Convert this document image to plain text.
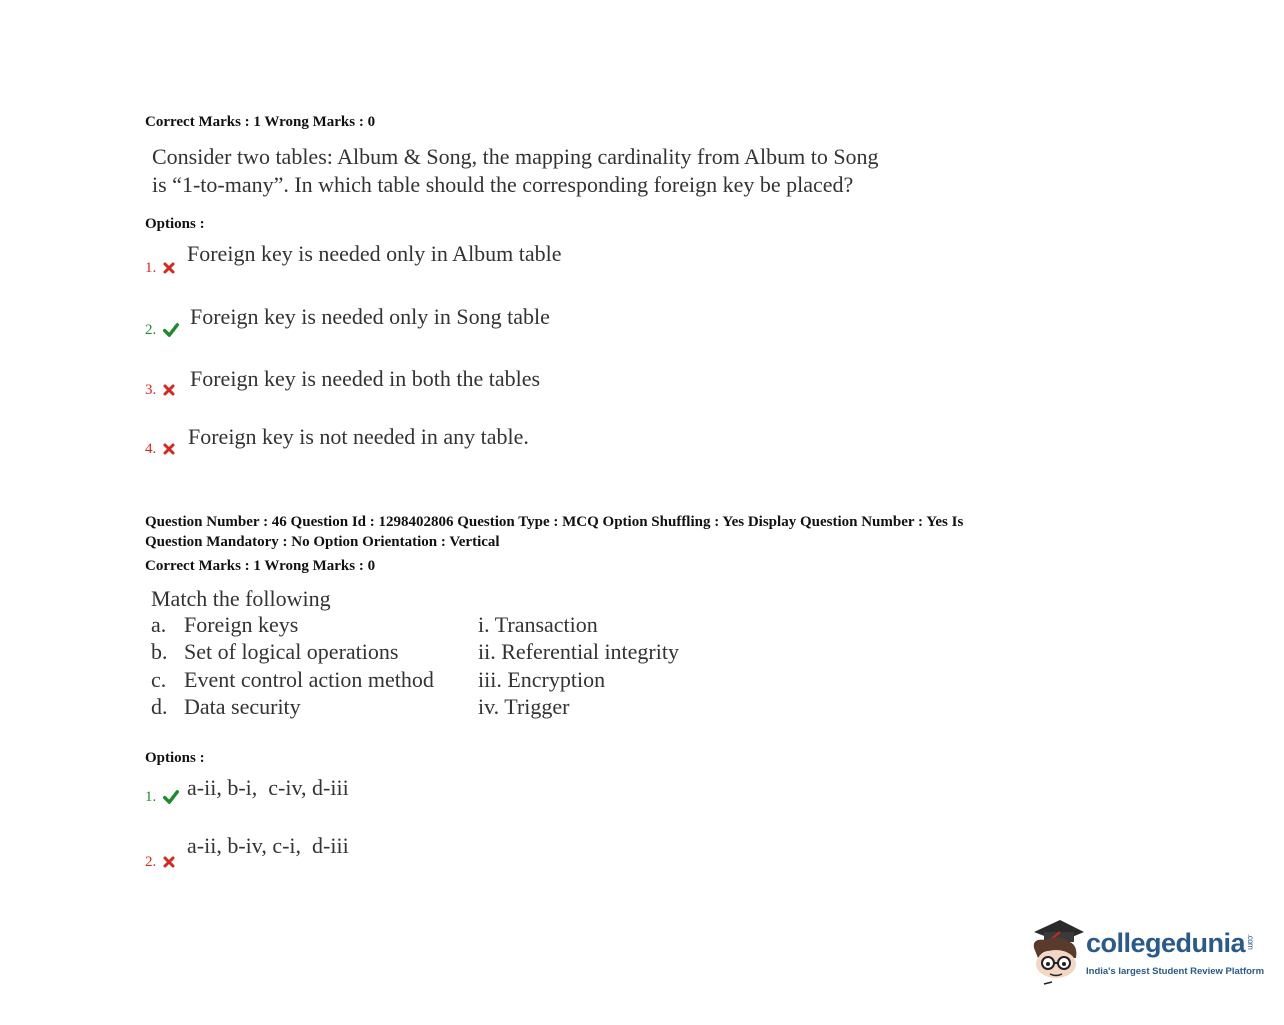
Correct Marks : 1 Wrong Marks : 0
Consider two tables: Album & Song, the mapping cardinality from Album to Song
is “1-to-many”. In which table should the corresponding foreign key be placed?
Options :
1.
Foreign key is needed only in Album table
2.
Foreign key is needed only in Song table
3.	Foreign key is needed in both the tables
4.	Foreign key is not needed in any table.
Question Number : 46 Question Id : 1298402806 Question Type : MCQ Option Shuffling : Yes Display Question Number : Yes Is
Question Mandatory : No Option Orientation : Vertical
Correct Marks : 1 Wrong Marks : 0
Match the following
a. Foreign keys	i. Transaction
b. Set of logical operations	ii. Referential integrity
c. Event control action method iii. Encryption
d. Data security	iv. Trigger
Options :
1.	a-ii, b-i,  c-iv, d-iii
2.
a-ii, b-iv, c-i,  d-iii
collegedunia.com
India's largest Student Review Platform
